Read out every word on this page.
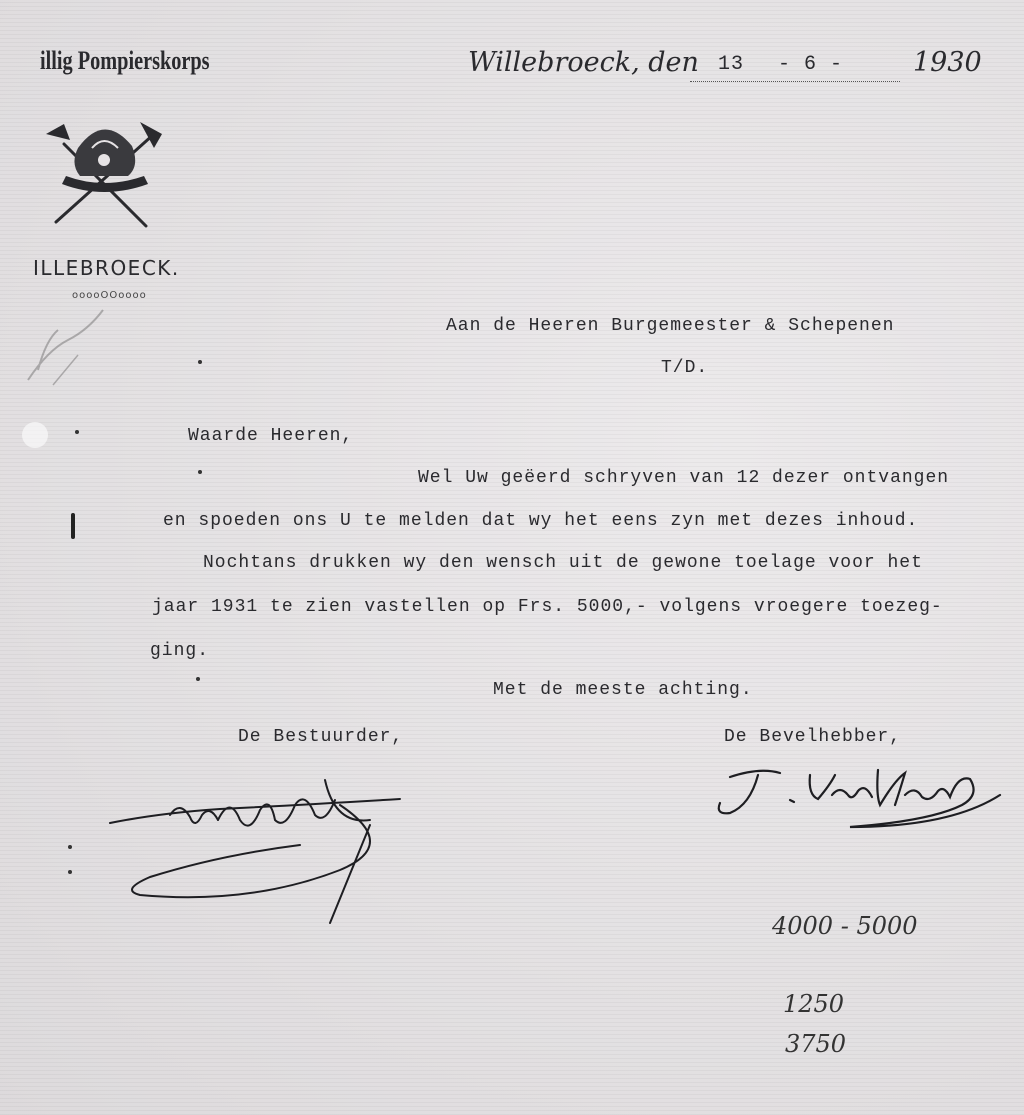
illig Pompierskorps	Willebroeck, den 13 - 6 -	1930
ILLEBROECK.
ooooOOoooo
Aan de Heeren Burgemeester & Schepenen
T/D.
Waarde Heeren,
Wel Uw geëerd schryven van 12 dezer ontvangen
en spoeden ons U te melden dat wy het eens zyn met dezes inhoud.
Nochtans drukken wy den wensch uit de gewone toelage voor het
jaar 1931 te zien vastellen op Frs. 5000,- volgens vroegere toezeg-
ging.
Met de meeste achting.
De Bestuurder,	De Bevelhebber,
J. Van Hoeck
4000 - 5000
1250
3750
